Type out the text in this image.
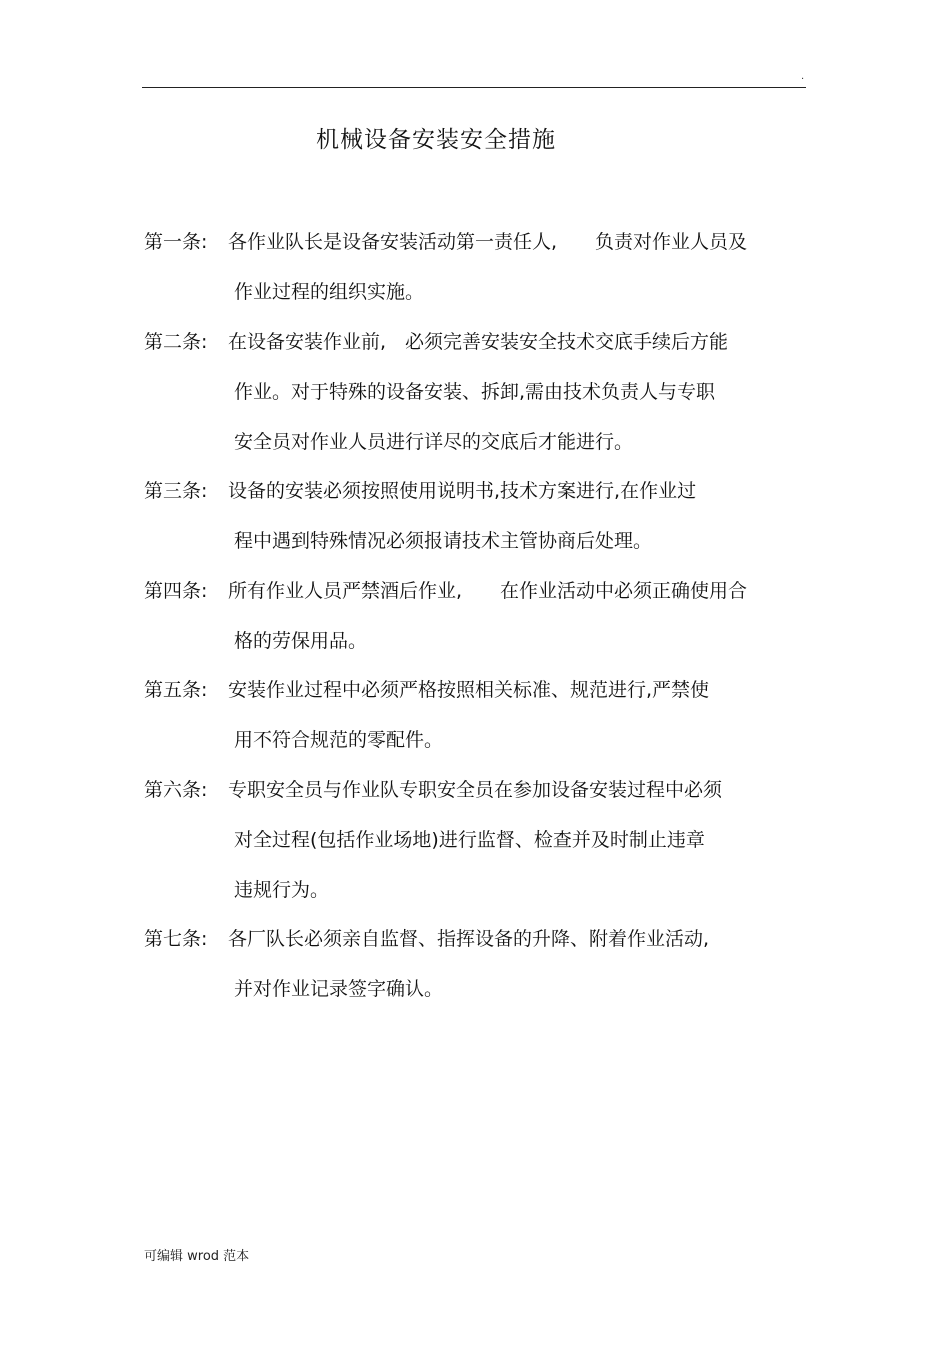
.
机械设备安装安全措施
第一条: 各作业队长是设备安装活动第一责任人,　　负责对作业人员及
作业过程的组织实施。
第二条: 在设备安装作业前,　必须完善安装安全技术交底手续后方能
作业。对于特殊的设备安装、拆卸,需由技术负责人与专职
安全员对作业人员进行详尽的交底后才能进行。
第三条: 设备的安装必须按照使用说明书,技术方案进行,在作业过
程中遇到特殊情况必须报请技术主管协商后处理。
第四条: 所有作业人员严禁酒后作业,　　在作业活动中必须正确使用合
格的劳保用品。
第五条: 安装作业过程中必须严格按照相关标准、规范进行,严禁使
用不符合规范的零配件。
第六条: 专职安全员与作业队专职安全员在参加设备安装过程中必须
对全过程(包括作业场地)进行监督、检查并及时制止违章
违规行为。
第七条: 各厂队长必须亲自监督、指挥设备的升降、附着作业活动,
并对作业记录签字确认。
可编辑 wrod 范本
